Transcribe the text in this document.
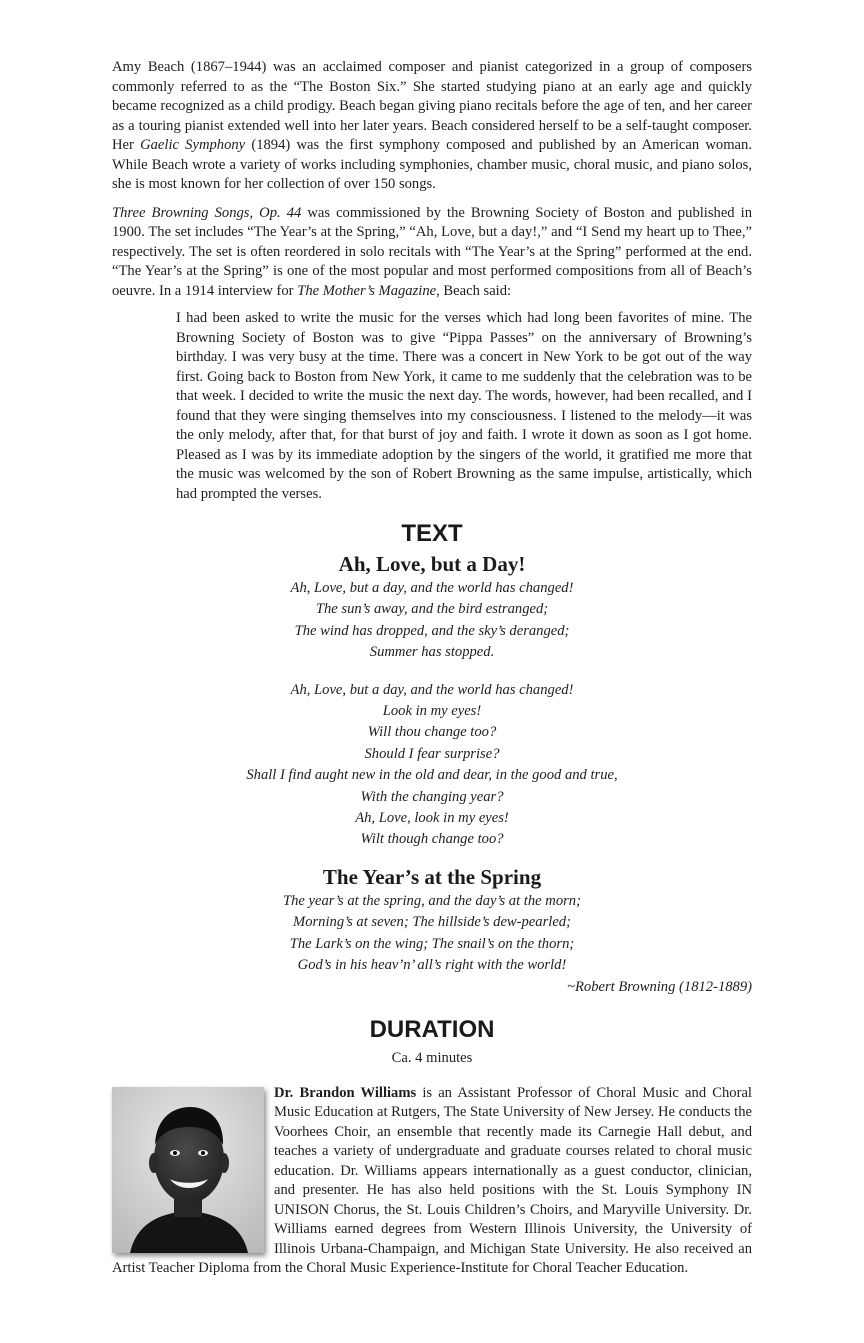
Amy Beach (1867–1944) was an acclaimed composer and pianist categorized in a group of composers commonly referred to as the “The Boston Six.” She started studying piano at an early age and quickly became recognized as a child prodigy. Beach began giving piano recitals before the age of ten, and her career as a touring pianist extended well into her later years. Beach considered herself to be a self-taught composer. Her Gaelic Symphony (1894) was the first symphony composed and published by an American woman. While Beach wrote a variety of works including symphonies, chamber music, choral music, and piano solos, she is most known for her collection of over 150 songs.

Three Browning Songs, Op. 44 was commissioned by the Browning Society of Boston and published in 1900. The set includes “The Year’s at the Spring,” “Ah, Love, but a day!,” and “I Send my heart up to Thee,” respectively. The set is often reordered in solo recitals with “The Year’s at the Spring” performed at the end. “The Year’s at the Spring” is one of the most popular and most performed compositions from all of Beach’s oeuvre. In a 1914 interview for The Mother’s Magazine, Beach said:

I had been asked to write the music for the verses which had long been favorites of mine. The Browning Society of Boston was to give “Pippa Passes” on the anniversary of Browning’s birthday. I was very busy at the time. There was a concert in New York to be got out of the way first. Going back to Boston from New York, it came to me suddenly that the celebration was to be that week. I decided to write the music the next day. The words, however, had been recalled, and I found that they were singing themselves into my consciousness. I listened to the melody—it was the only melody, after that, for that burst of joy and faith. I wrote it down as soon as I got home. Pleased as I was by its immediate adoption by the singers of the world, it gratified me more that the music was welcomed by the son of Robert Browning as the same impulse, artistically, which had prompted the verses.
TEXT
Ah, Love, but a Day!
Ah, Love, but a day, and the world has changed!
The sun’s away, and the bird estranged;
The wind has dropped, and the sky’s deranged;
Summer has stopped.
Ah, Love, but a day, and the world has changed!
Look in my eyes!
Will thou change too?
Should I fear surprise?
Shall I find aught new in the old and dear, in the good and true,
With the changing year?
Ah, Love, look in my eyes!
Wilt though change too?
The Year’s at the Spring
The year’s at the spring, and the day’s at the morn;
Morning’s at seven; The hillside’s dew-pearled;
The Lark’s on the wing; The snail’s on the thorn;
God’s in his heav’n’ all’s right with the world!
~Robert Browning (1812-1889)
DURATION

Ca. 4 minutes

Dr. Brandon Williams is an Assistant Professor of Choral Music and Choral Music Education at Rutgers, The State University of New Jersey. He conducts the Voorhees Choir, an ensemble that recently made its Carnegie Hall debut, and teaches a variety of undergraduate and graduate courses related to choral music education. Dr. Williams appears internationally as a guest conductor, clinician, and presenter. He has also held positions with the St. Louis Symphony IN UNISON Chorus, the St. Louis Children’s Choirs, and Maryville University. Dr. Williams earned degrees from Western Illinois University, the University of Illinois Urbana-Champaign, and Michigan State University. He also received an Artist Teacher Diploma from the Choral Music Experience-Institute for Choral Teacher Education.
